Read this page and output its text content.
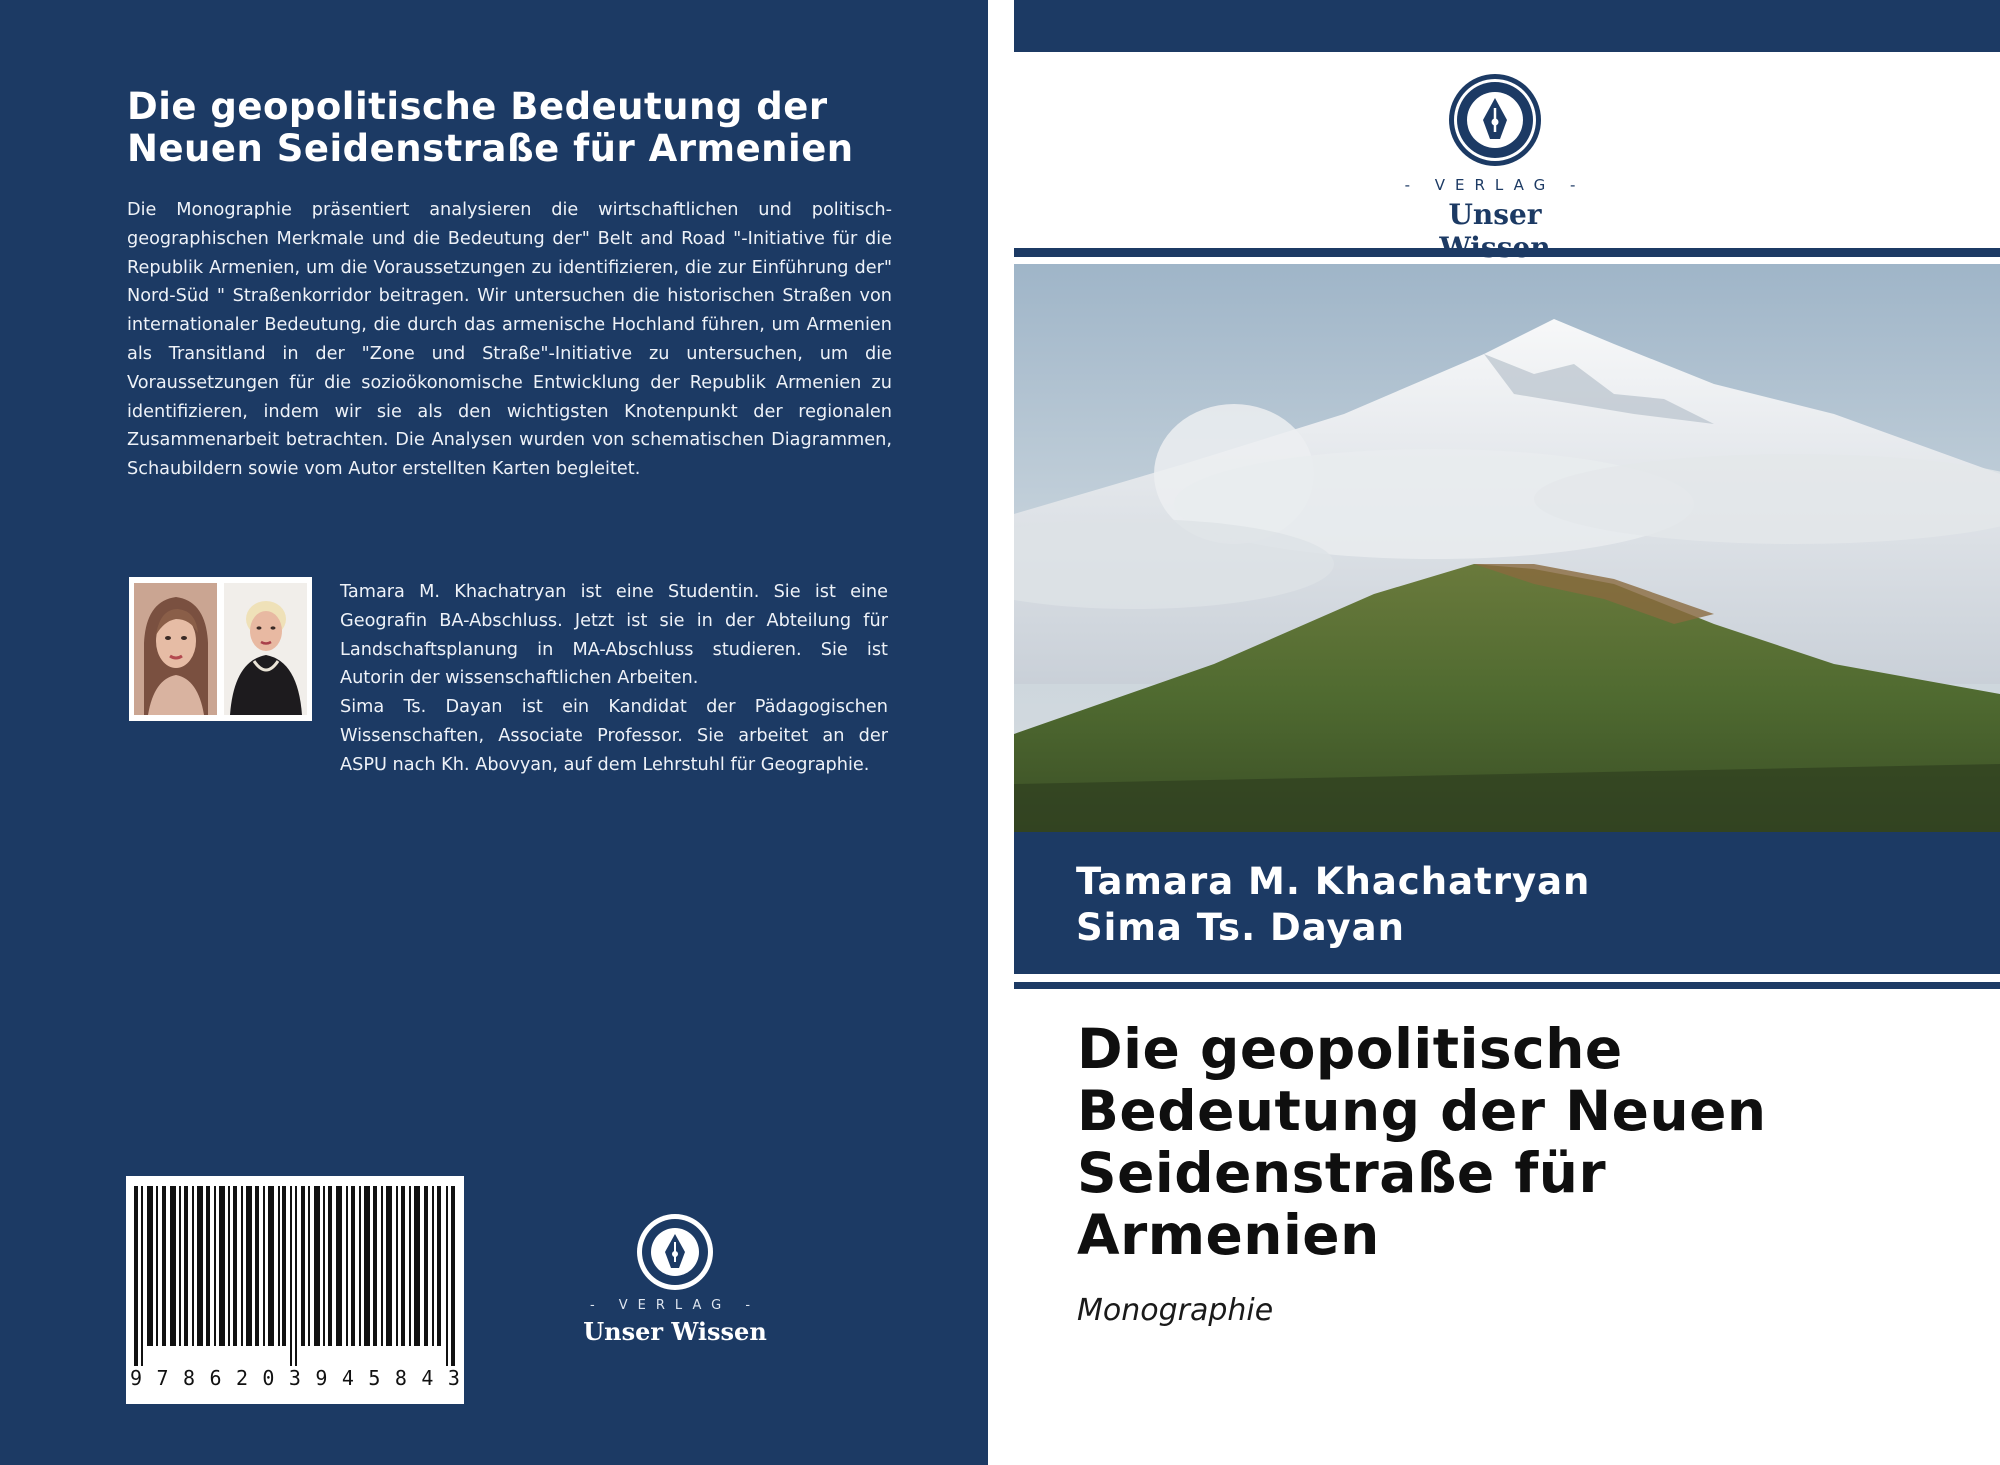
Die geopolitische Bedeutung der
Neuen Seidenstraße für Armenien
Die Monographie präsentiert analysieren die wirtschaftlichen und politisch-geographischen Merkmale und die Bedeutung der" Belt and Road "-Initiative für die Republik Armenien, um die Voraussetzungen zu identifizieren, die zur Einführung der" Nord-Süd " Straßenkorridor beitragen. Wir untersuchen die historischen Straßen von internationaler Bedeutung, die durch das armenische Hochland führen, um Armenien als Transitland in der "Zone und Straße"-Initiative zu untersuchen, um die Voraussetzungen für die sozioökonomische Entwicklung der Republik Armenien zu identifizieren, indem wir sie als den wichtigsten Knotenpunkt der regionalen Zusammenarbeit betrachten. Die Analysen wurden von schematischen Diagrammen, Schaubildern sowie vom Autor erstellten Karten begleitet.

Tamara M. Khachatryan ist eine Studentin. Sie ist eine Geografin BA-Abschluss. Jetzt ist sie in der Abteilung für Landschaftsplanung in MA-Abschluss studieren. Sie ist Autorin der wissenschaftlichen Arbeiten.

Sima Ts. Dayan ist ein Kandidat der Pädagogischen Wissenschaften, Associate Professor. Sie arbeitet an der ASPU nach Kh. Abovyan, auf dem Lehrstuhl für Geographie.

9 7 8 6 2 0 3 9 4 5 8 4 3
- VERLAG -
Unser Wissen
- VERLAG -
Unser
Tamara M. Khachatryan
Sima Ts. Dayan
Die geopolitische
Bedeutung der Neuen
Seidenstraße für
Armenien
Monographie
